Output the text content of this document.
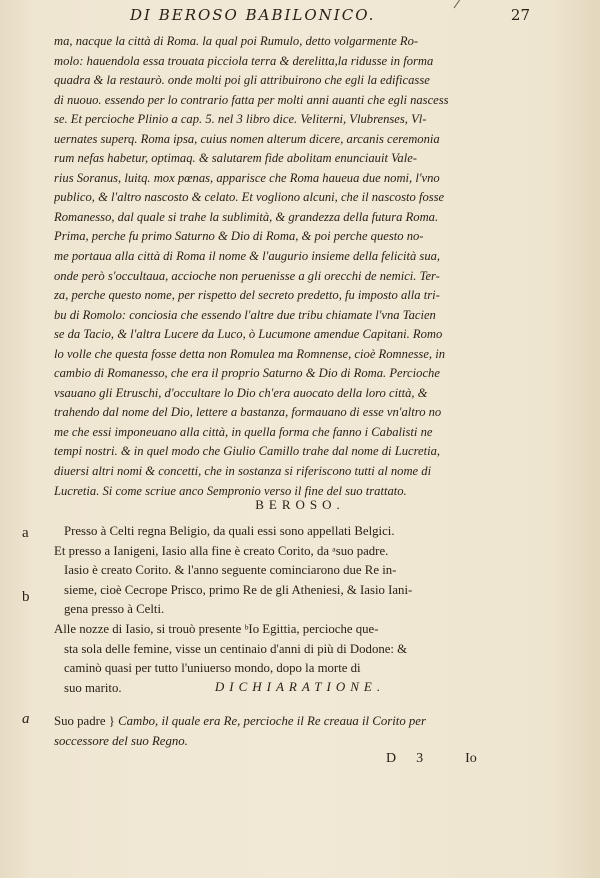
DI BEROSO BABILONICO.	27
ma, nacque la città di Roma. la qual poi Rumulo, detto volgarmente Ro-
molo: hauendola essa trouata picciola terra & derelitta,la ridusse in forma
quadra & la restaurò. onde molti poi gli attribuirono che egli la edificasse
di nuouo. essendo per lo contrario fatta per molti anni auanti che egli nascess
se. Et percioche Plinio a cap. 5. nel 3 libro dice. Veliterni, Vlubrenses, Vl-
uernates superq. Roma ipsa, cuius nomen alterum dicere, arcanis ceremonia
rum nefas habetur, optimaq. & salutarem fide abolitam enunciauit Vale-
rius Soranus, luitq. mox pœnas, apparisce che Roma haueua due nomi, l'vno
publico, & l'altro nascosto & celato. Et vogliono alcuni, che il nascosto fosse
Romanesso, dal quale si trahe la sublimità, & grandezza della futura Roma.
Prima, perche fu primo Saturno & Dio di Roma, & poi perche questo no-
me portaua alla città di Roma il nome & l'augurio insieme della felicità sua,
onde però s'occultaua, accioche non peruenisse a gli orecchi de nemici. Ter-
za, perche questo nome, per rispetto del secreto predetto, fu imposto alla tri-
bu di Romolo: conciosia che essendo l'altre due tribu chiamate l'vna Tacien
se da Tacio, & l'altra Lucere da Luco, ò Lucumone amendue Capitani. Romo
lo volle che questa fosse detta non Romulea ma Romnense, cioè Romnesse, in
cambio di Romanesso, che era il proprio Saturno & Dio di Roma. Percioche
vsauano gli Etruschi, d'occultare lo Dio ch'era auocato della loro città, &
trahendo dal nome del Dio, lettere a bastanza, formauano di esse vn'altro no
me che essi imponeuano alla città, in quella forma che fanno i Cabalisti ne
tempi nostri. & in quel modo che Giulio Camillo trahe dal nome di Lucretia,
diuersi altri nomi & concetti, che in sostanza si riferiscono tutti al nome di
Lucretia. Si come scriue anco Sempronio verso il fine del suo trattato.
BEROSO.
a
b
Presso à Celti regna Beligio, da quali essi sono appellati Belgici.
Et presso a Ianigeni, Iasio alla fine è creato Corito, da ᵃsuo padre.
Iasio è creato Corito. & l'anno seguente cominciarono due Re in-
sieme, cioè Cecrope Prisco, primo Re de gli Atheniesi, & Iasio Iani-
gena presso à Celti.
Alle nozze di Iasio, si trouò presente ᵇIo Egittia, percioche que-
sta sola delle femine, visse un centinaio d'anni di più di Dodone: &
caminò quasi per tutto l'uniuerso mondo, dopo la morte di
suo marito.	DICHIARATIONE.
a Suo padre } Cambo, il quale era Re, percioche il Re creaua il Corito per
soccessore del suo Regno.
D 3	Io
